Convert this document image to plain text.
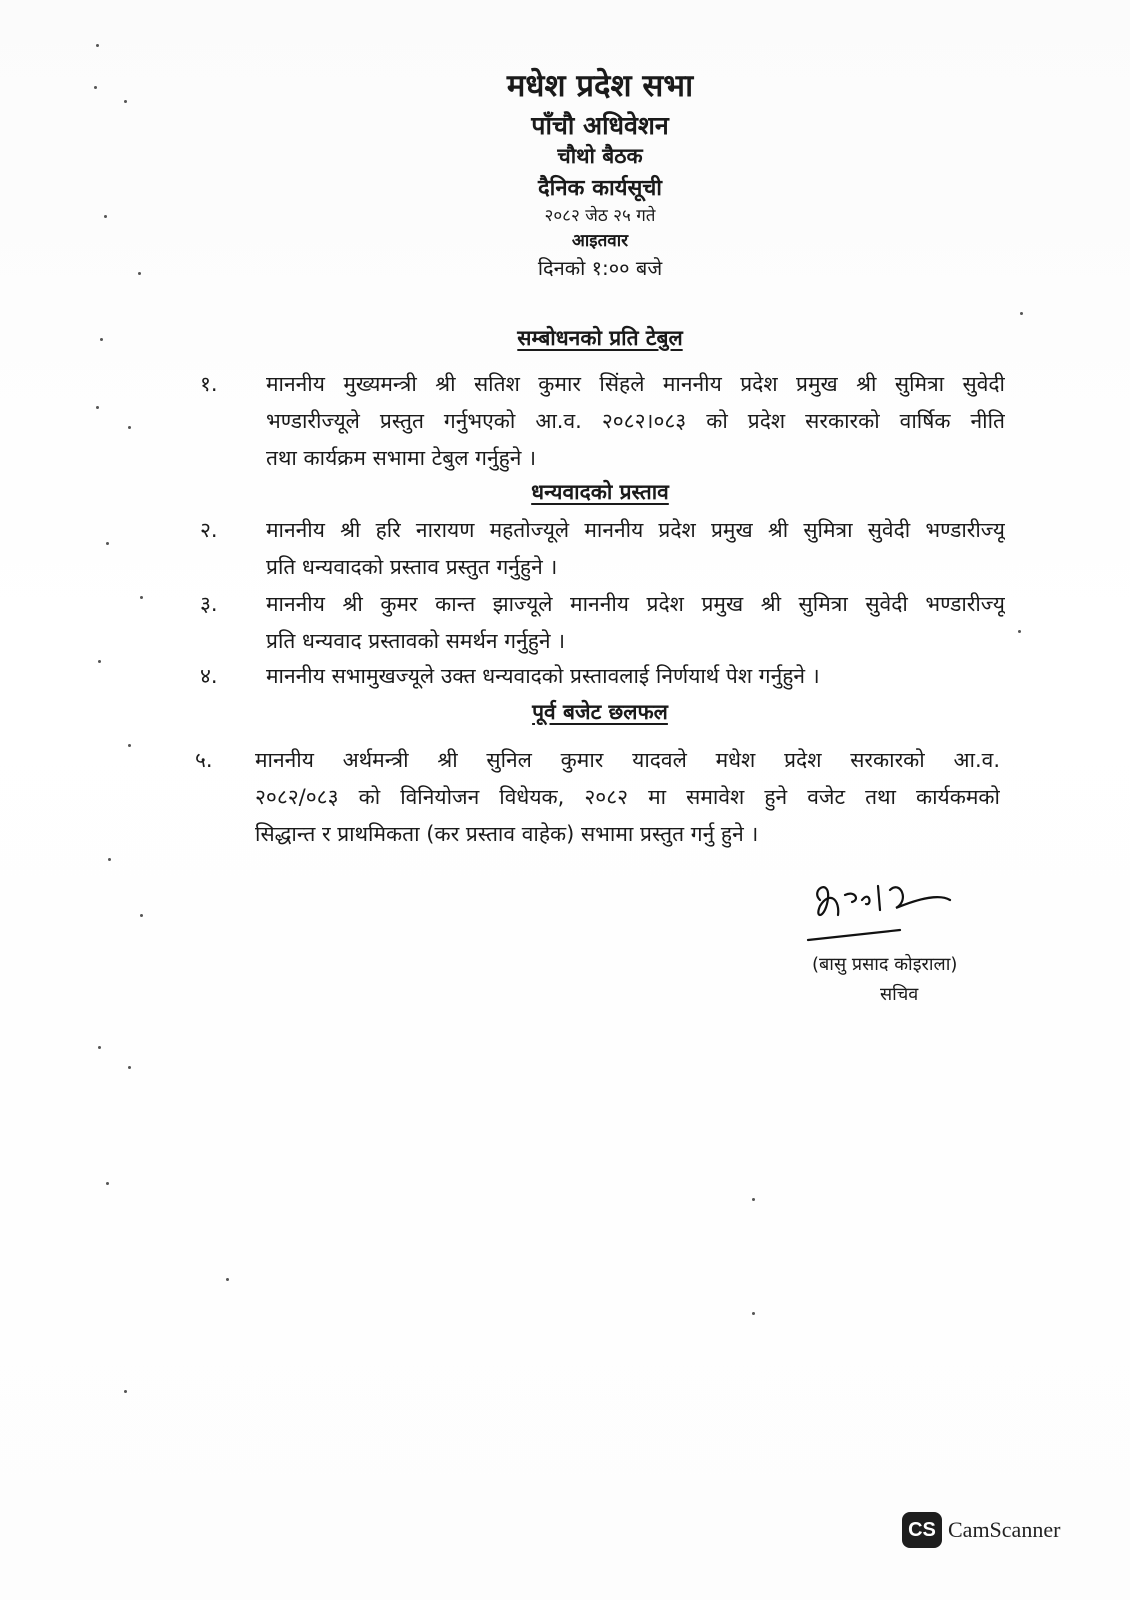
मधेश प्रदेश सभा
पाँचौ अधिवेशन
चौथो बैठक
दैनिक कार्यसूची
२०८२ जेठ २५ गते
आइतवार
दिनको १:०० बजे
सम्बोधनको प्रति टेबुल
१. माननीय मुख्यमन्त्री श्री सतिश कुमार सिंहले माननीय प्रदेश प्रमुख श्री सुमित्रा सुवेदी
भण्डारीज्यूले प्रस्तुत गर्नुभएको आ.व. २०८२।०८३ को प्रदेश सरकारको वार्षिक नीति
तथा कार्यक्रम सभामा टेबुल गर्नुहुने ।
धन्यवादको प्रस्ताव
२. माननीय श्री हरि नारायण महतोज्यूले माननीय प्रदेश प्रमुख श्री सुमित्रा सुवेदी भण्डारीज्यू
प्रति धन्यवादको प्रस्ताव प्रस्तुत गर्नुहुने ।
३. माननीय श्री कुमर कान्त झाज्यूले माननीय प्रदेश प्रमुख श्री सुमित्रा सुवेदी भण्डारीज्यू
प्रति धन्यवाद प्रस्तावको समर्थन गर्नुहुने ।
४. माननीय सभामुखज्यूले उक्त धन्यवादको प्रस्तावलाई निर्णयार्थ पेश गर्नुहुने ।
पूर्व बजेट छलफल
५. माननीय अर्थमन्त्री श्री सुनिल कुमार यादवले मधेश प्रदेश सरकारको आ.व.
२०८२/०८३ को विनियोजन विधेयक, २०८२ मा समावेश हुने वजेट तथा कार्यकमको
सिद्धान्त र प्राथमिकता (कर प्रस्ताव वाहेक) सभामा प्रस्तुत गर्नु हुने ।
(बासु प्रसाद कोइराला)
सचिव
CS CamScanner
